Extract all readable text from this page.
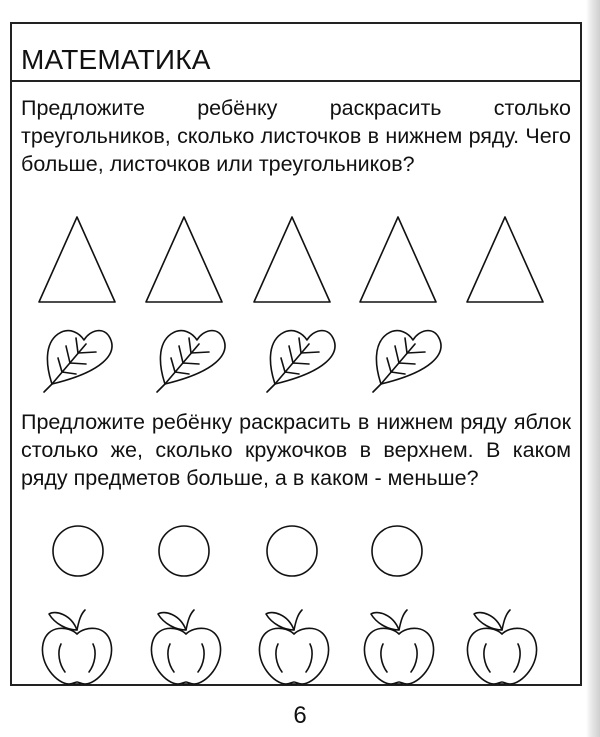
МАТЕМАТИКА
Предложите ребёнку раскрасить столько треугольников, сколько листочков в нижнем ряду. Чего больше, листочков или треугольников?
Предложите ребёнку раскрасить в нижнем ряду яблок столько же, сколько кружочков в верхнем. В каком ряду предметов больше, а в каком - меньше?
6
